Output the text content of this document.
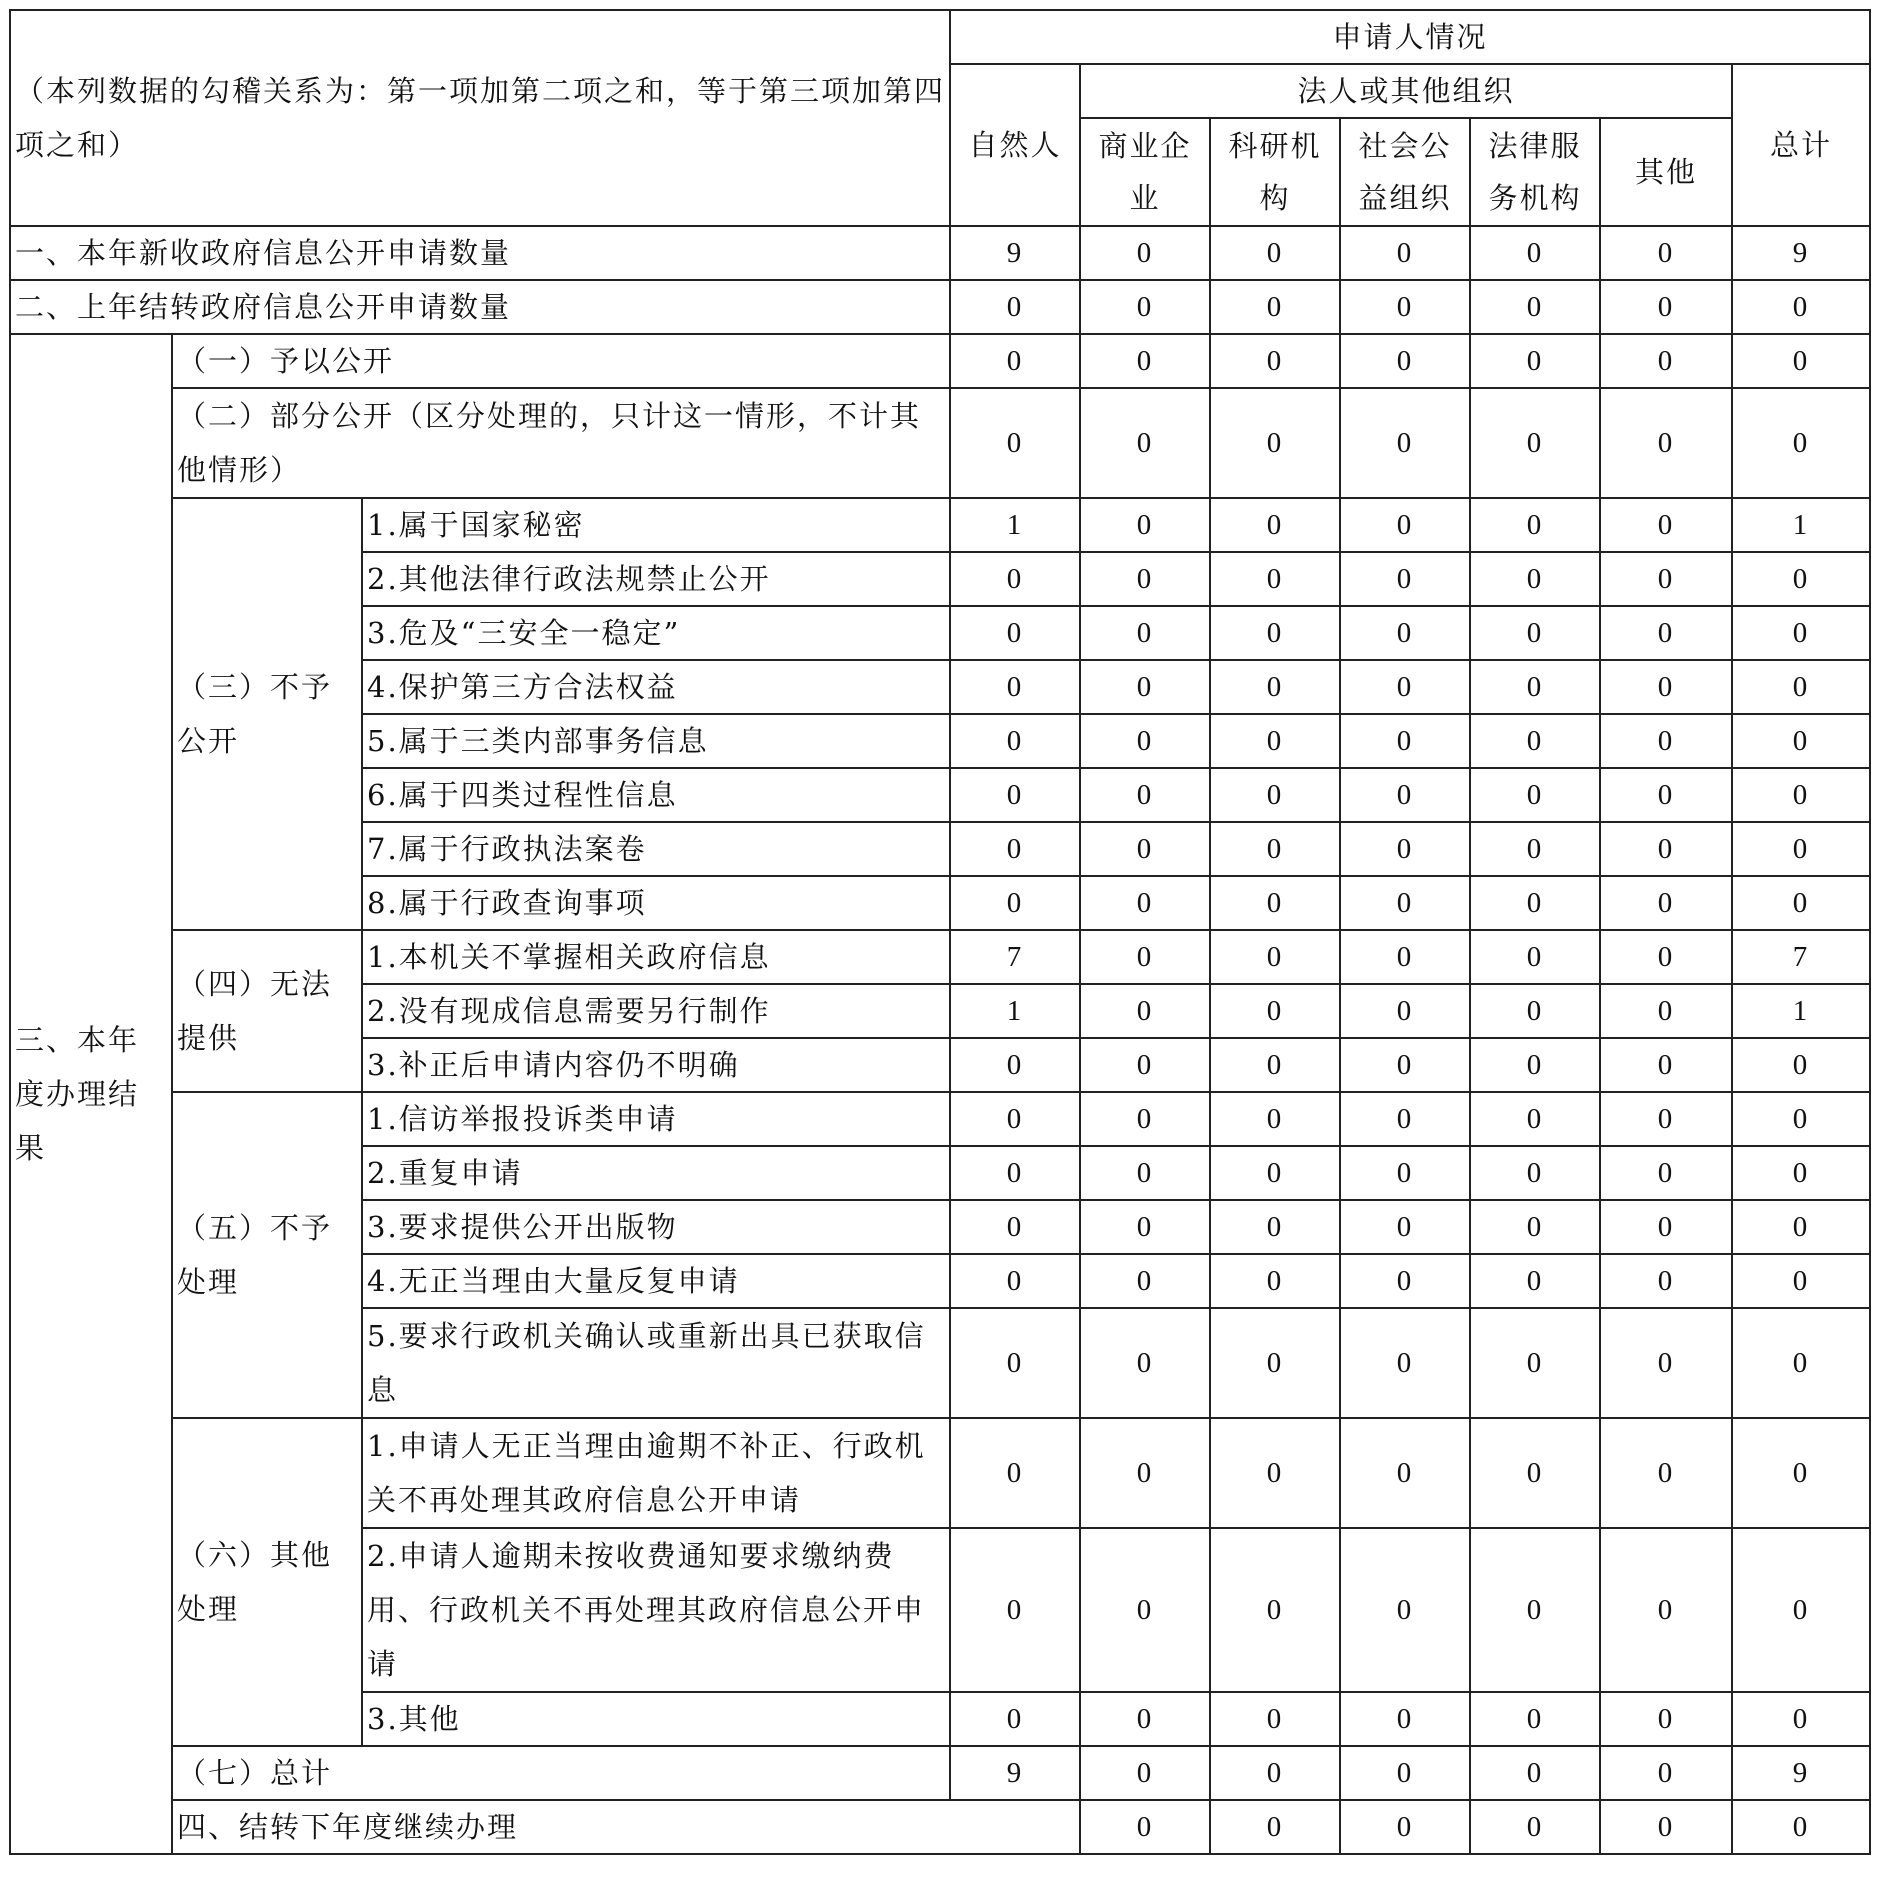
（本列数据的勾稽关系为：第一项加第二项之和，等于第三项加第四项之和）			申请人情况							
			自然人	法人或其他组织					总计	
				商业企业	科研机构	社会公益组织	法律服务机构	其他		

一、本年新收政府信息公开申请数量			9	0	0	0	0	0	9	
二、上年结转政府信息公开申请数量			0	0	0	0	0	0	0	
三、本年度办理结果	（一）予以公开		0	0	0	0	0	0	0	
	（二）部分公开（区分处理的，只计这一情形，不计其他情形）		0	0	0	0	0	0	0	
	（三）不予公开	1.属于国家秘密	1	0	0	0	0	0	1	
		2.其他法律行政法规禁止公开	0	0	0	0	0	0	0	
		3.危及“三安全一稳定”	0	0	0	0	0	0	0	
		4.保护第三方合法权益	0	0	0	0	0	0	0	
		5.属于三类内部事务信息	0	0	0	0	0	0	0	
		6.属于四类过程性信息	0	0	0	0	0	0	0	
		7.属于行政执法案卷	0	0	0	0	0	0	0	
		8.属于行政查询事项	0	0	0	0	0	0	0	
	（四）无法提供	1.本机关不掌握相关政府信息	7	0	0	0	0	0	7	
		2.没有现成信息需要另行制作	1	0	0	0	0	0	1	
		3.补正后申请内容仍不明确	0	0	0	0	0	0	0	
	（五）不予处理	1.信访举报投诉类申请	0	0	0	0	0	0	0	
		2.重复申请	0	0	0	0	0	0	0	
		3.要求提供公开出版物	0	0	0	0	0	0	0	
		4.无正当理由大量反复申请	0	0	0	0	0	0	0	
		5.要求行政机关确认或重新出具已获取信息	0	0	0	0	0	0	0	
	（六）其他处理	1.申请人无正当理由逾期不补正、行政机关不再处理其政府信息公开申请	0	0	0	0	0	0	0	
		2.申请人逾期未按收费通知要求缴纳费用、行政机关不再处理其政府信息公开申请	0	0	0	0	0	0	0	
		3.其他	0	0	0	0	0	0	0	
	（七）总计		9	0	0	0	0	0	9	
	四、结转下年度继续办理			0	0	0	0	0	0	
